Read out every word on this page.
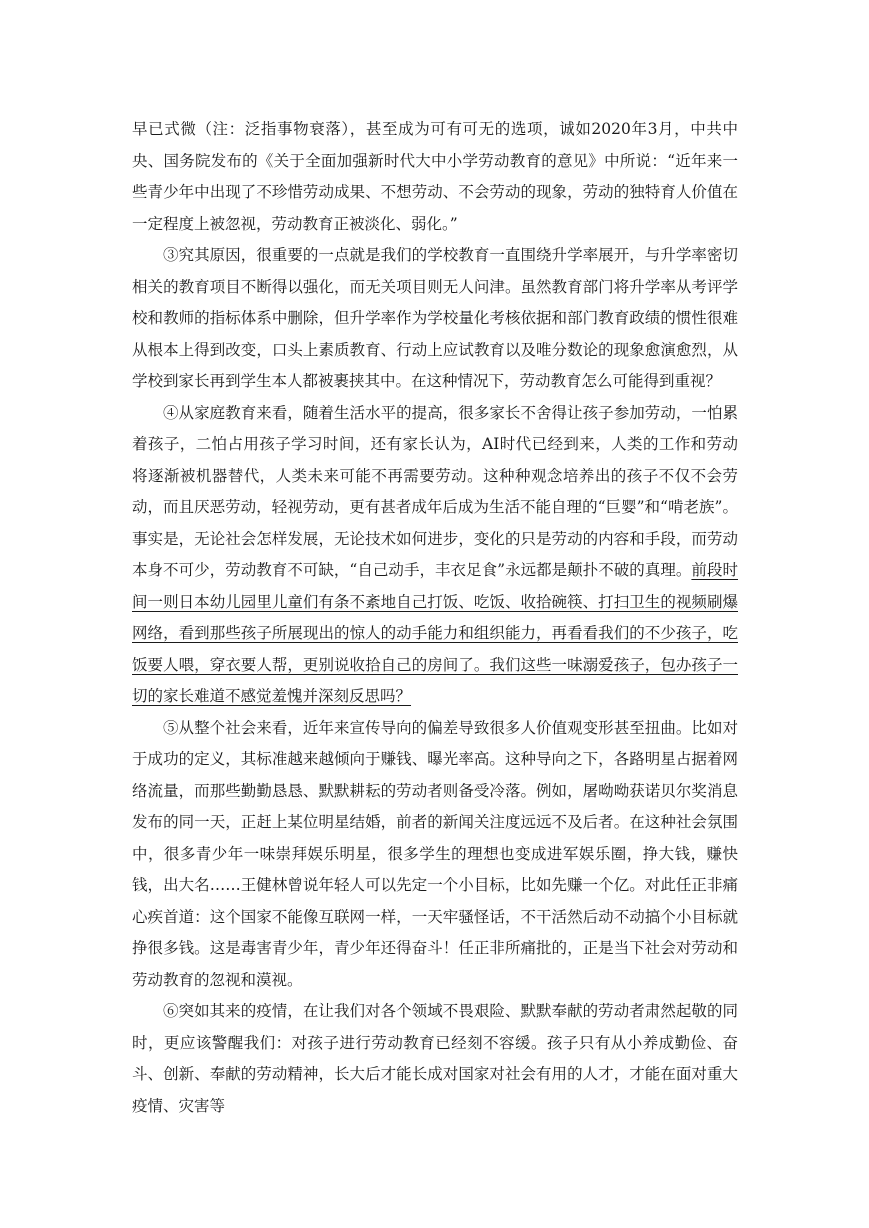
早已式微（注：泛指事物衰落），甚至成为可有可无的选项，诚如2020年3月，中共中央、国务院发布的《关于全面加强新时代大中小学劳动教育的意见》中所说：“近年来一些青少年中出现了不珍惜劳动成果、不想劳动、不会劳动的现象，劳动的独特育人价值在一定程度上被忽视，劳动教育正被淡化、弱化。”

③究其原因，很重要的一点就是我们的学校教育一直围绕升学率展开，与升学率密切相关的教育项目不断得以强化，而无关项目则无人问津。虽然教育部门将升学率从考评学校和教师的指标体系中删除，但升学率作为学校量化考核依据和部门教育政绩的惯性很难从根本上得到改变，口头上素质教育、行动上应试教育以及唯分数论的现象愈演愈烈，从学校到家长再到学生本人都被裹挟其中。在这种情况下，劳动教育怎么可能得到重视？

④从家庭教育来看，随着生活水平的提高，很多家长不舍得让孩子参加劳动，一怕累着孩子，二怕占用孩子学习时间，还有家长认为，AI时代已经到来，人类的工作和劳动将逐渐被机器替代，人类未来可能不再需要劳动。这种种观念培养出的孩子不仅不会劳动，而且厌恶劳动，轻视劳动，更有甚者成年后成为生活不能自理的“巨婴”和“啃老族”。事实是，无论社会怎样发展，无论技术如何进步，变化的只是劳动的内容和手段，而劳动本身不可少，劳动教育不可缺，“自己动手，丰衣足食”永远都是颠扑不破的真理。前段时间一则日本幼儿园里儿童们有条不紊地自己打饭、吃饭、收拾碗筷、打扫卫生的视频刷爆网络，看到那些孩子所展现出的惊人的动手能力和组织能力，再看看我们的不少孩子，吃饭要人喂，穿衣要人帮，更别说收拾自己的房间了。我们这些一味溺爱孩子，包办孩子一切的家长难道不感觉羞愧并深刻反思吗？

⑤从整个社会来看，近年来宣传导向的偏差导致很多人价值观变形甚至扭曲。比如对于成功的定义，其标准越来越倾向于赚钱、曝光率高。这种导向之下，各路明星占据着网络流量，而那些勤勤恳恳、默默耕耘的劳动者则备受冷落。例如，屠呦呦获诺贝尔奖消息发布的同一天，正赶上某位明星结婚，前者的新闻关注度远远不及后者。在这种社会氛围中，很多青少年一味崇拜娱乐明星，很多学生的理想也变成进军娱乐圈，挣大钱，赚快钱，出大名……王健林曾说年轻人可以先定一个小目标，比如先赚一个亿。对此任正非痛心疾首道：这个国家不能像互联网一样，一天牢骚怪话，不干活然后动不动搞个小目标就挣很多钱。这是毒害青少年，青少年还得奋斗！任正非所痛批的，正是当下社会对劳动和劳动教育的忽视和漠视。

⑥突如其来的疫情，在让我们对各个领域不畏艰险、默默奉献的劳动者肃然起敬的同时，更应该警醒我们：对孩子进行劳动教育已经刻不容缓。孩子只有从小养成勤俭、奋斗、创新、奉献的劳动精神，长大后才能长成对国家对社会有用的人才，才能在面对重大疫情、灾害等
